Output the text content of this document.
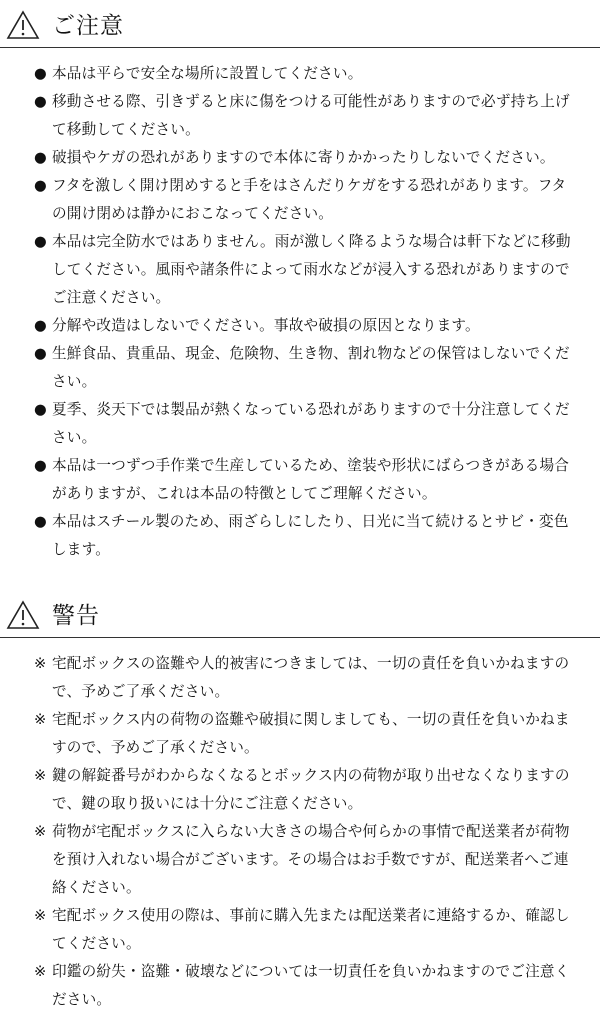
ご注意
● 本品は平らで安全な場所に設置してください。
● 移動させる際、引きずると床に傷をつける可能性がありますので必ず持ち上げて移動してください。
● 破損やケガの恐れがありますので本体に寄りかかったりしないでください。
● フタを激しく開け閉めすると手をはさんだりケガをする恐れがあります。フタの開け閉めは静かにおこなってください。
● 本品は完全防水ではありません。雨が激しく降るような場合は軒下などに移動してください。風雨や諸条件によって雨水などが浸入する恐れがありますのでご注意ください。
● 分解や改造はしないでください。事故や破損の原因となります。
● 生鮮食品、貴重品、現金、危険物、生き物、割れ物などの保管はしないでください。
● 夏季、炎天下では製品が熱くなっている恐れがありますので十分注意してください。
● 本品は一つずつ手作業で生産しているため、塗装や形状にばらつきがある場合がありますが、これは本品の特徴としてご理解ください。
● 本品はスチール製のため、雨ざらしにしたり、日光に当て続けるとサビ・変色します。
警告
※ 宅配ボックスの盗難や人的被害につきましては、一切の責任を負いかねますので、予めご了承ください。
※ 宅配ボックス内の荷物の盗難や破損に関しましても、一切の責任を負いかねますので、予めご了承ください。
※ 鍵の解錠番号がわからなくなるとボックス内の荷物が取り出せなくなりますので、鍵の取り扱いには十分にご注意ください。
※ 荷物が宅配ボックスに入らない大きさの場合や何らかの事情で配送業者が荷物を預け入れない場合がございます。その場合はお手数ですが、配送業者へご連絡ください。
※ 宅配ボックス使用の際は、事前に購入先または配送業者に連絡するか、確認してください。
※ 印鑑の紛失・盗難・破壊などについては一切責任を負いかねますのでご注意ください。
